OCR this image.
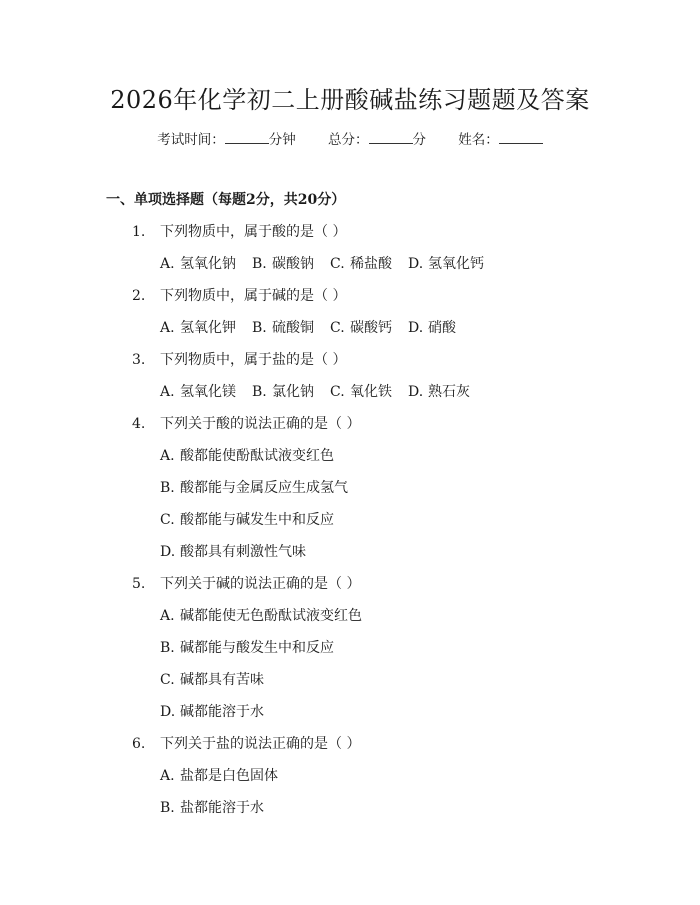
2026年化学初二上册酸碱盐练习题题及答案
考试时间：	分钟 总分：	分 姓名：
一、单项选择题（每题2分，共20分）
1. 下列物质中，属于酸的是（ ）
A. 氢氧化钠 B. 碳酸钠 C. 稀盐酸 D. 氢氧化钙
2. 下列物质中，属于碱的是（ ）
A. 氢氧化钾 B. 硫酸铜 C. 碳酸钙 D. 硝酸
3. 下列物质中，属于盐的是（ ）
A. 氢氧化镁 B. 氯化钠 C. 氧化铁 D. 熟石灰
4. 下列关于酸的说法正确的是（ ）
A. 酸都能使酚酞试液变红色
B. 酸都能与金属反应生成氢气
C. 酸都能与碱发生中和反应
D. 酸都具有刺激性气味
5. 下列关于碱的说法正确的是（ ）
A. 碱都能使无色酚酞试液变红色
B. 碱都能与酸发生中和反应
C. 碱都具有苦味
D. 碱都能溶于水
6. 下列关于盐的说法正确的是（ ）
A. 盐都是白色固体
B. 盐都能溶于水
